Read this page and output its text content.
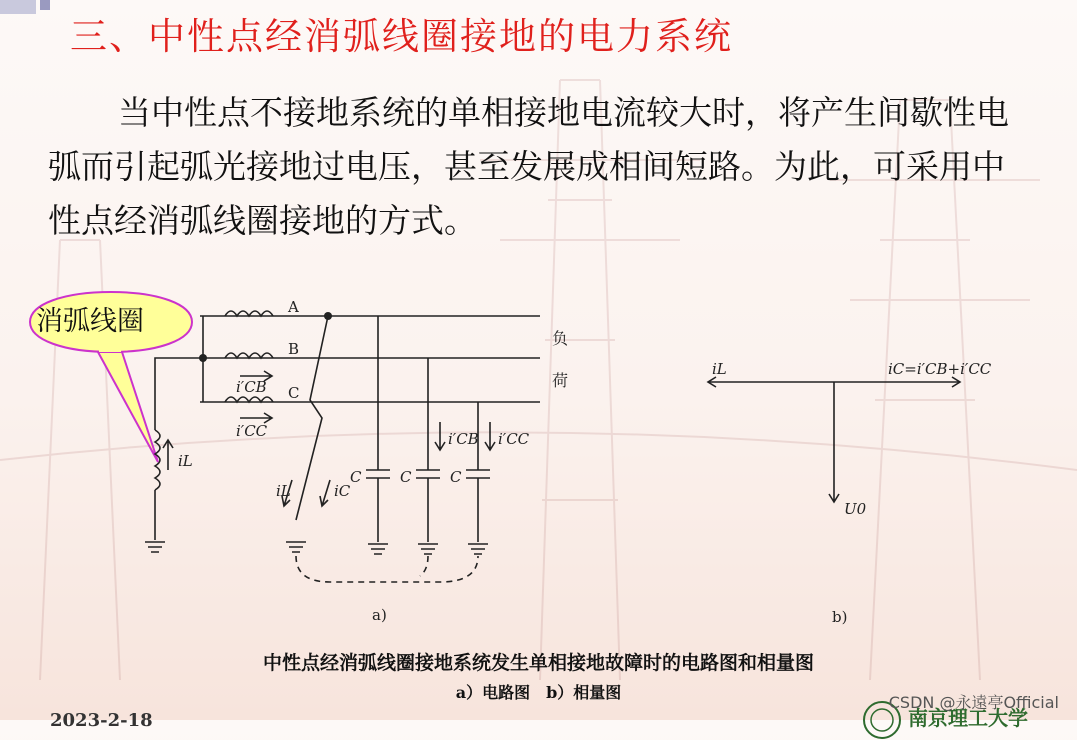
三、中性点经消弧线圈接地的电力系统
当中性点不接地系统的单相接地电流较大时，将产生间歇性电弧而引起弧光接地过电压，甚至发展成相间短路。为此，可采用中性点经消弧线圈接地的方式。
消弧线圈	A
B
C
负
荷
i′CB
i′CC
iL
i′CB i′CC
iL	iC
C	C	C
a)
iL	iC=i′CB+i′CC
U0
b)
中性点经消弧线圈接地系统发生单相接地故障时的电路图和相量图
a）电路图　b）相量图
2023-2-18	南京理工大学
CSDN @永遠亭Official
